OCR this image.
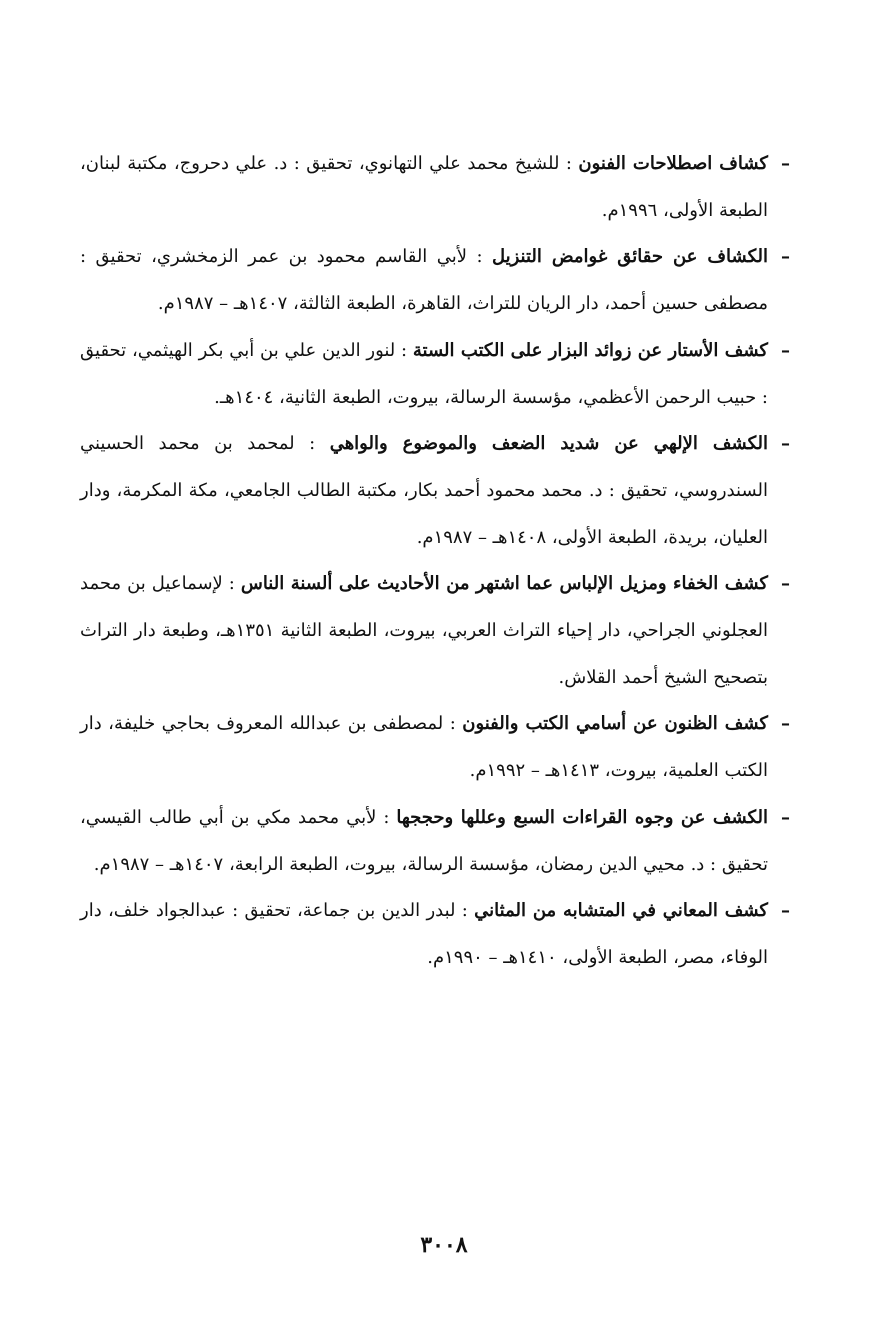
–
كشاف اصطلاحات الفنون : للشيخ محمد علي التهانوي، تحقيق : د. علي دحروج، مكتبة لبنان، الطبعة الأولى، ١٩٩٦م.

–
الكشاف عن حقائق غوامض التنزيل : لأبي القاسم محمود بن عمر الزمخشري، تحقيق : مصطفى حسين أحمد، دار الريان للتراث، القاهرة، الطبعة الثالثة، ١٤٠٧هـ – ١٩٨٧م.

–
كشف الأستار عن زوائد البزار على الكتب الستة : لنور الدين علي بن أبي بكر الهيثمي، تحقيق : حبيب الرحمن الأعظمي، مؤسسة الرسالة، بيروت، الطبعة الثانية، ١٤٠٤هـ.

–
الكشف الإلهي عن شديد الضعف والموضوع والواهي : لمحمد بن محمد الحسيني السندروسي، تحقيق : د. محمد محمود أحمد بكار، مكتبة الطالب الجامعي، مكة المكرمة، ودار العليان، بريدة، الطبعة الأولى، ١٤٠٨هـ – ١٩٨٧م.

–
كشف الخفاء ومزيل الإلباس عما اشتهر من الأحاديث على ألسنة الناس : لإسماعيل بن محمد العجلوني الجراحي، دار إحياء التراث العربي، بيروت، الطبعة الثانية ١٣٥١هـ، وطبعة دار التراث بتصحيح الشيخ أحمد القلاش.

–
كشف الظنون عن أسامي الكتب والفنون : لمصطفى بن عبدالله المعروف بحاجي خليفة، دار الكتب العلمية، بيروت، ١٤١٣هـ – ١٩٩٢م.

–
الكشف عن وجوه القراءات السبع وعللها وحججها : لأبي محمد مكي بن أبي طالب القيسي، تحقيق : د. محيي الدين رمضان، مؤسسة الرسالة، بيروت، الطبعة الرابعة، ١٤٠٧هـ – ١٩٨٧م.

–
كشف المعاني في المتشابه من المثاني : لبدر الدين بن جماعة، تحقيق : عبدالجواد خلف، دار الوفاء، مصر، الطبعة الأولى، ١٤١٠هـ – ١٩٩٠م.

٣٠٠٨
